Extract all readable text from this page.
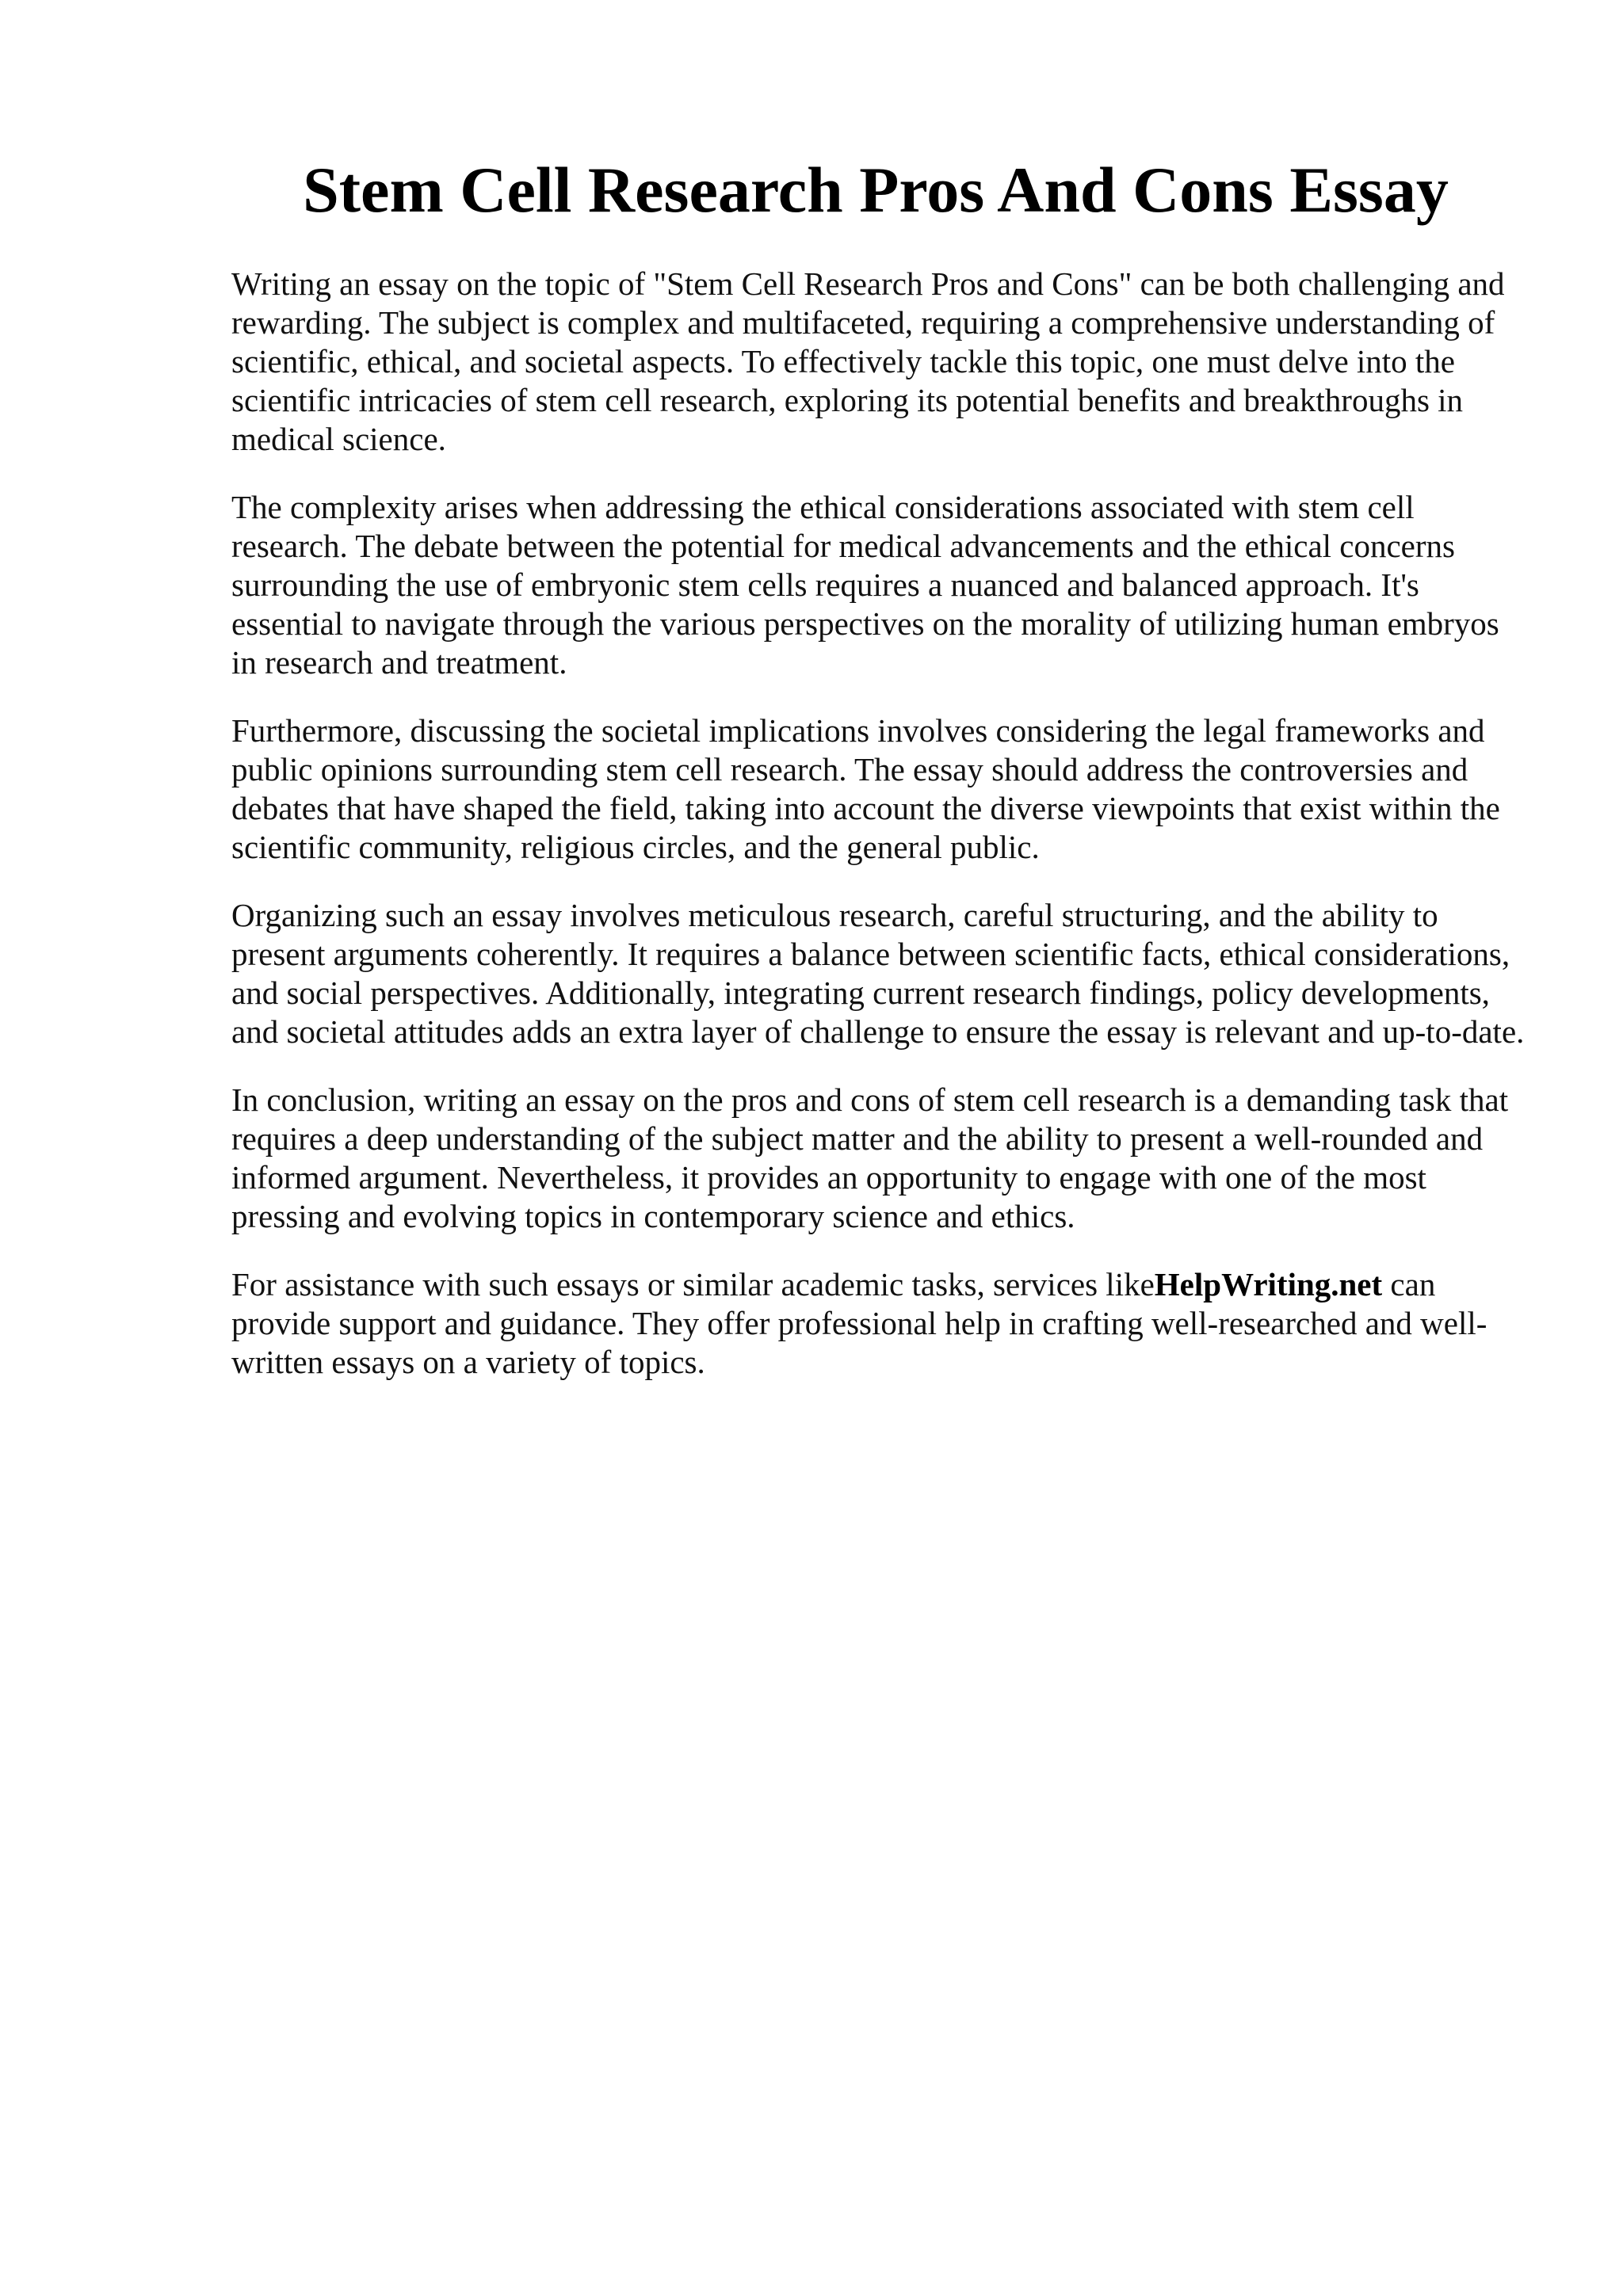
Stem Cell Research Pros And Cons Essay

Writing an essay on the topic of "Stem Cell Research Pros and Cons" can be both challenging and rewarding. The subject is complex and multifaceted, requiring a comprehensive understanding of scientific, ethical, and societal aspects. To effectively tackle this topic, one must delve into the scientific intricacies of stem cell research, exploring its potential benefits and breakthroughs in medical science.

The complexity arises when addressing the ethical considerations associated with stem cell research. The debate between the potential for medical advancements and the ethical concerns surrounding the use of embryonic stem cells requires a nuanced and balanced approach. It's essential to navigate through the various perspectives on the morality of utilizing human embryos in research and treatment.

Furthermore, discussing the societal implications involves considering the legal frameworks and public opinions surrounding stem cell research. The essay should address the controversies and debates that have shaped the field, taking into account the diverse viewpoints that exist within the scientific community, religious circles, and the general public.

Organizing such an essay involves meticulous research, careful structuring, and the ability to present arguments coherently. It requires a balance between scientific facts, ethical considerations, and social perspectives. Additionally, integrating current research findings, policy developments, and societal attitudes adds an extra layer of challenge to ensure the essay is relevant and up-to-date.

In conclusion, writing an essay on the pros and cons of stem cell research is a demanding task that requires a deep understanding of the subject matter and the ability to present a well-rounded and informed argument. Nevertheless, it provides an opportunity to engage with one of the most pressing and evolving topics in contemporary science and ethics.

For assistance with such essays or similar academic tasks, services likeHelpWriting.net can provide support and guidance. They offer professional help in crafting well-researched and well-written essays on a variety of topics.
